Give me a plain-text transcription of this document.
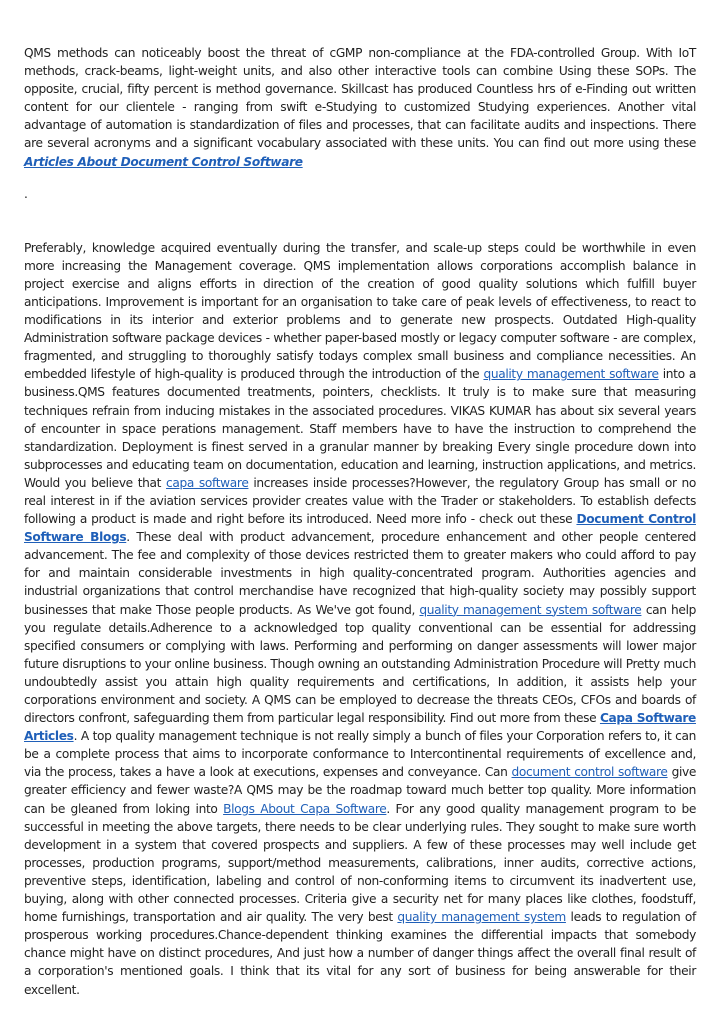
QMS methods can noticeably boost the threat of cGMP non-compliance at the FDA-controlled Group. With IoT methods, crack-beams, light-weight units, and also other interactive tools can combine Using these SOPs. The opposite, crucial, fifty percent is method governance. Skillcast has produced Countless hrs of e-Finding out written content for our clientele - ranging from swift e-Studying to customized Studying experiences. Another vital advantage of automation is standardization of files and processes, that can facilitate audits and inspections. There are several acronyms and a significant vocabulary associated with these units. You can find out more using these Articles About Document Control Software

.

Preferably, knowledge acquired eventually during the transfer, and scale-up steps could be worthwhile in even more increasing the Management coverage. QMS implementation allows corporations accomplish balance in project exercise and aligns efforts in direction of the creation of good quality solutions which fulfill buyer anticipations. Improvement is important for an organisation to take care of peak levels of effectiveness, to react to modifications in its interior and exterior problems and to generate new prospects. Outdated High-quality Administration software package devices - whether paper-based mostly or legacy computer software - are complex, fragmented, and struggling to thoroughly satisfy todays complex small business and compliance necessities. An embedded lifestyle of high-quality is produced through the introduction of the quality management software into a business.QMS features documented treatments, pointers, checklists. It truly is to make sure that measuring techniques refrain from inducing mistakes in the associated procedures. VIKAS KUMAR has about six several years of encounter in space perations management. Staff members have to have the instruction to comprehend the standardization. Deployment is finest served in a granular manner by breaking Every single procedure down into subprocesses and educating team on documentation, education and learning, instruction applications, and metrics. Would you believe that capa software increases inside processes?However, the regulatory Group has small or no real interest in if the aviation services provider creates value with the Trader or stakeholders. To establish defects following a product is made and right before its introduced. Need more info - check out these Document Control Software Blogs. These deal with product advancement, procedure enhancement and other people centered advancement. The fee and complexity of those devices restricted them to greater makers who could afford to pay for and maintain considerable investments in high quality-concentrated program. Authorities agencies and industrial organizations that control merchandise have recognized that high-quality society may possibly support businesses that make Those people products. As We've got found, quality management system software can help you regulate details.Adherence to a acknowledged top quality conventional can be essential for addressing specified consumers or complying with laws. Performing and performing on danger assessments will lower major future disruptions to your online business. Though owning an outstanding Administration Procedure will Pretty much undoubtedly assist you attain high quality requirements and certifications, In addition, it assists help your corporations environment and society. A QMS can be employed to decrease the threats CEOs, CFOs and boards of directors confront, safeguarding them from particular legal responsibility. Find out more from these Capa Software Articles. A top quality management technique is not really simply a bunch of files your Corporation refers to, it can be a complete process that aims to incorporate conformance to Intercontinental requirements of excellence and, via the process, takes a have a look at executions, expenses and conveyance. Can document control software give greater efficiency and fewer waste?A QMS may be the roadmap toward much better top quality. More information can be gleaned from loking into Blogs About Capa Software. For any good quality management program to be successful in meeting the above targets, there needs to be clear underlying rules. They sought to make sure worth development in a system that covered prospects and suppliers. A few of these processes may well include get processes, production programs, support/method measurements, calibrations, inner audits, corrective actions, preventive steps, identification, labeling and control of non-conforming items to circumvent its inadvertent use, buying, along with other connected processes. Criteria give a security net for many places like clothes, foodstuff, home furnishings, transportation and air quality. The very best quality management system leads to regulation of prosperous working procedures.Chance-dependent thinking examines the differential impacts that somebody chance might have on distinct procedures, And just how a number of danger things affect the overall final result of a corporation's mentioned goals. I think that its vital for any sort of business for being answerable for their excellent.
